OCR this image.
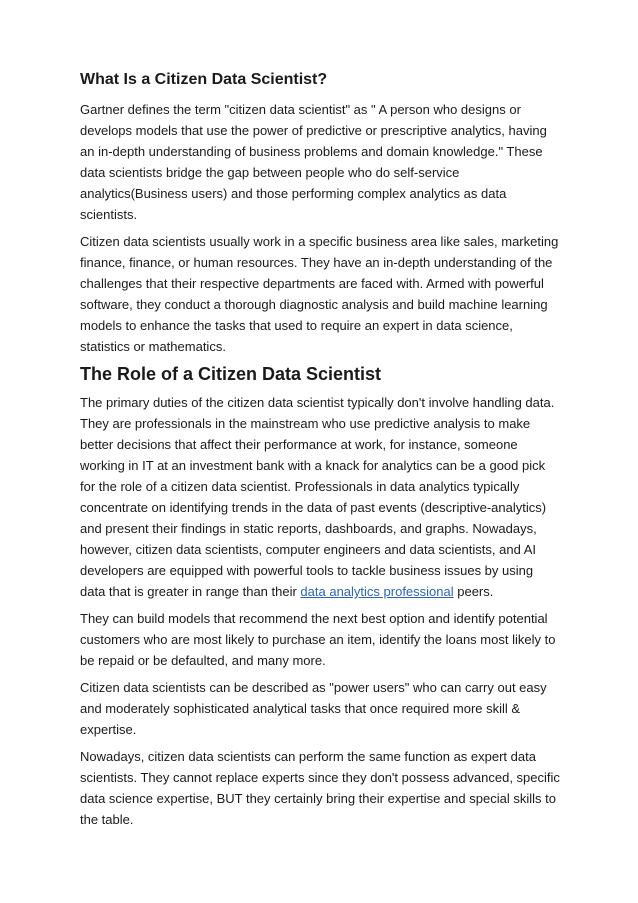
What Is a Citizen Data Scientist?

Gartner defines the term "citizen data scientist" as " A person who designs or develops models that use the power of predictive or prescriptive analytics, having an in-depth understanding of business problems and domain knowledge." These data scientists bridge the gap between people who do self-service analytics(Business users) and those performing complex analytics as data scientists.

Citizen data scientists usually work in a specific business area like sales, marketing finance, finance, or human resources. They have an in-depth understanding of the challenges that their respective departments are faced with. Armed with powerful software, they conduct a thorough diagnostic analysis and build machine learning models to enhance the tasks that used to require an expert in data science, statistics or mathematics.

The Role of a Citizen Data Scientist

The primary duties of the citizen data scientist typically don't involve handling data. They are professionals in the mainstream who use predictive analysis to make better decisions that affect their performance at work, for instance, someone working in IT at an investment bank with a knack for analytics can be a good pick for the role of a citizen data scientist. Professionals in data analytics typically concentrate on identifying trends in the data of past events (descriptive-analytics) and present their findings in static reports, dashboards, and graphs. Nowadays, however, citizen data scientists, computer engineers and data scientists, and AI developers are equipped with powerful tools to tackle business issues by using data that is greater in range than their data analytics professional peers.

They can build models that recommend the next best option and identify potential customers who are most likely to purchase an item, identify the loans most likely to be repaid or be defaulted, and many more.

Citizen data scientists can be described as "power users" who can carry out easy and moderately sophisticated analytical tasks that once required more skill & expertise.

Nowadays, citizen data scientists can perform the same function as expert data scientists. They cannot replace experts since they don't possess advanced, specific data science expertise, BUT they certainly bring their expertise and special skills to the table.
